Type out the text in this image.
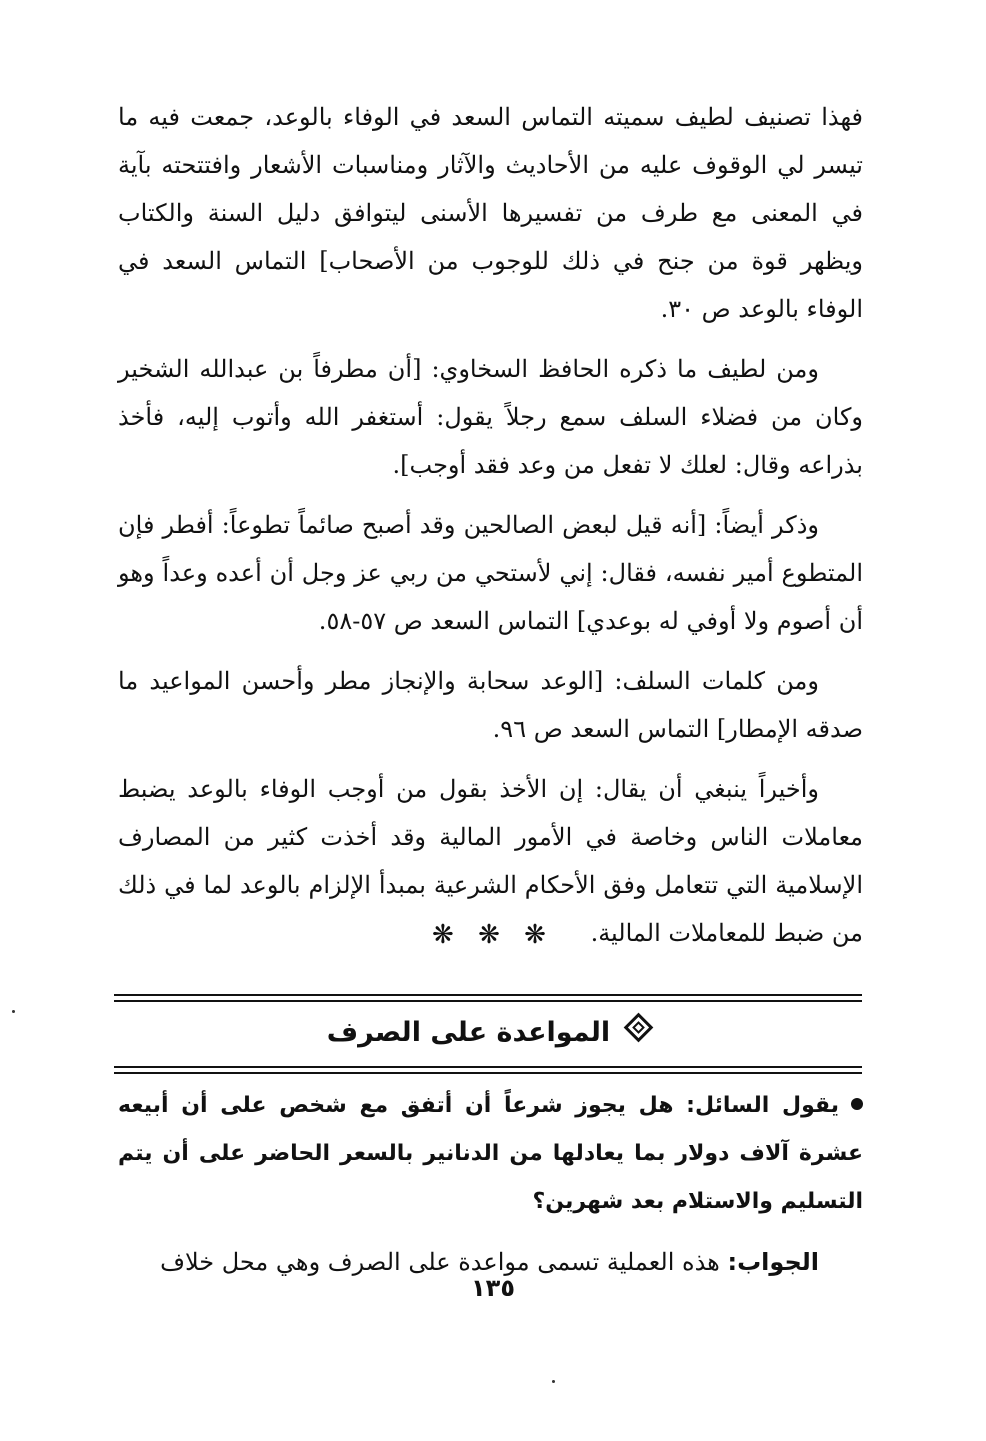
فهذا تصنيف لطيف سميته التماس السعد في الوفاء بالوعد، جمعت فيه ما تيسر لي الوقوف عليه من الأحاديث والآثار ومناسبات الأشعار وافتتحته بآية في المعنى مع طرف من تفسيرها الأسنى ليتوافق دليل السنة والكتاب ويظهر قوة من جنح في ذلك للوجوب من الأصحاب] التماس السعد في الوفاء بالوعد ص ٣٠.

ومن لطيف ما ذكره الحافظ السخاوي: [أن مطرفاً بن عبدالله الشخير وكان من فضلاء السلف سمع رجلاً يقول: أستغفر الله وأتوب إليه، فأخذ بذراعه وقال: لعلك لا تفعل من وعد فقد أوجب].

وذكر أيضاً: [أنه قيل لبعض الصالحين وقد أصبح صائماً تطوعاً: أفطر فإن المتطوع أمير نفسه، فقال: إني لأستحي من ربي عز وجل أن أعده وعداً وهو أن أصوم ولا أوفي له بوعدي] التماس السعد ص ٥٧-٥٨.

ومن كلمات السلف: [الوعد سحابة والإنجاز مطر وأحسن المواعيد ما صدقه الإمطار] التماس السعد ص ٩٦.

وأخيراً ينبغي أن يقال: إن الأخذ بقول من أوجب الوفاء بالوعد يضبط معاملات الناس وخاصة في الأمور المالية وقد أخذت كثير من المصارف الإسلامية التي تتعامل وفق الأحكام الشرعية بمبدأ الإلزام بالوعد لما في ذلك من ضبط للمعاملات المالية.

❋ ❋ ❋
المواعدة على الصرف

يقول السائل: هل يجوز شرعاً أن أتفق مع شخص على أن أبيعه عشرة آلاف دولار بما يعادلها من الدنانير بالسعر الحاضر على أن يتم التسليم والاستلام بعد شهرين؟

الجواب: هذه العملية تسمى مواعدة على الصرف وهي محل خلاف

١٣٥
